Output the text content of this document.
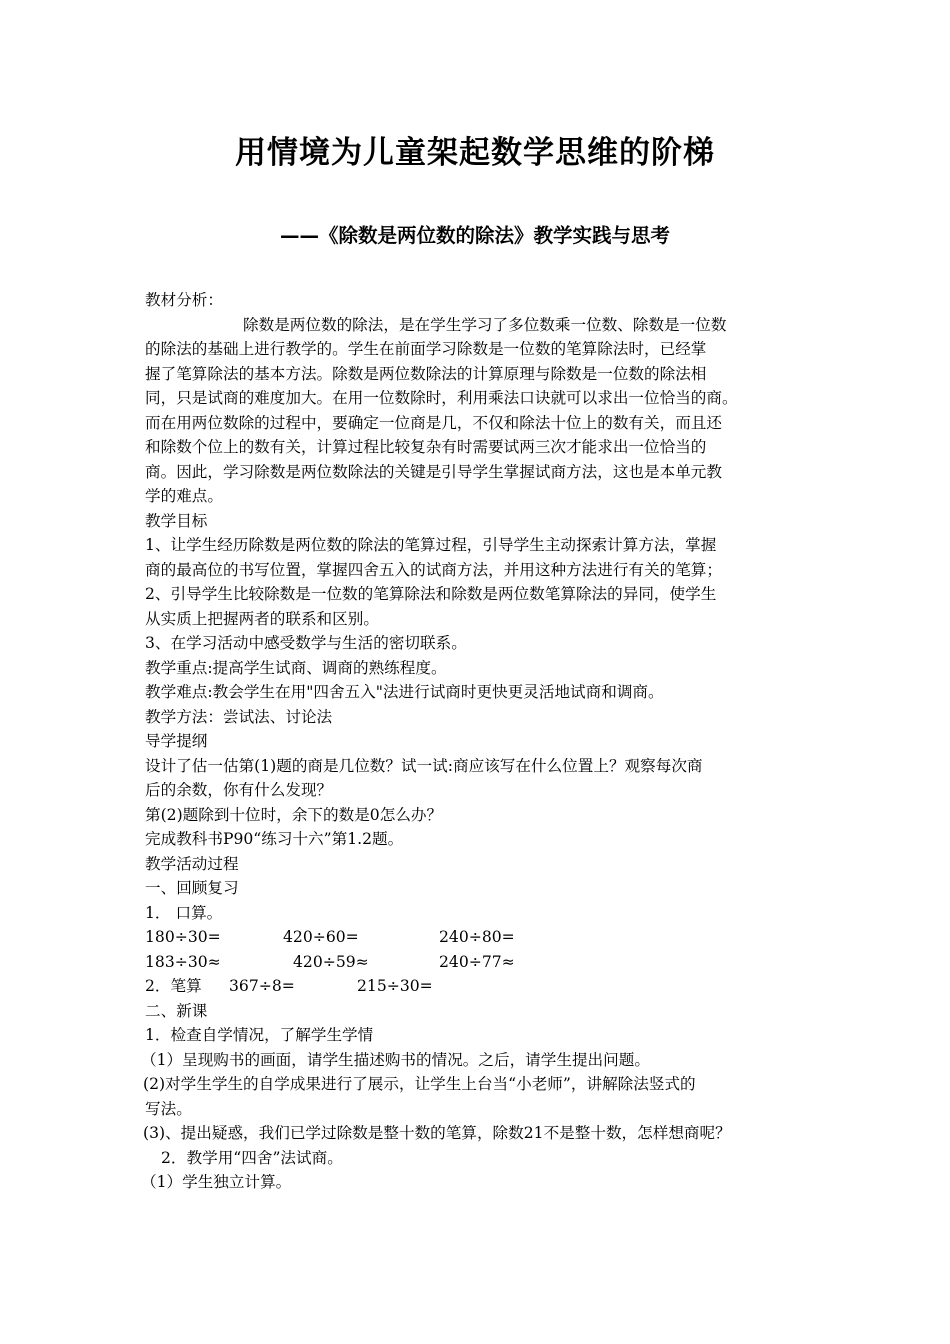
用情境为儿童架起数学思维的阶梯
——《除数是两位数的除法》教学实践与思考
教材分析：
除数是两位数的除法，是在学生学习了多位数乘一位数、除数是一位数
的除法的基础上进行教学的。学生在前面学习除数是一位数的笔算除法时，已经掌
握了笔算除法的基本方法。除数是两位数除法的计算原理与除数是一位数的除法相
同，只是试商的难度加大。在用一位数除时，利用乘法口诀就可以求出一位恰当的商。
而在用两位数除的过程中，要确定一位商是几，不仅和除法十位上的数有关，而且还
和除数个位上的数有关，计算过程比较复杂有时需要试两三次才能求出一位恰当的
商。因此，学习除数是两位数除法的关键是引导学生掌握试商方法，这也是本单元教
学的难点。
教学目标
1、让学生经历除数是两位数的除法的笔算过程，引导学生主动探索计算方法，掌握
商的最高位的书写位置，掌握四舍五入的试商方法，并用这种方法进行有关的笔算；
2、引导学生比较除数是一位数的笔算除法和除数是两位数笔算除法的异同，使学生
从实质上把握两者的联系和区别。
3、在学习活动中感受数学与生活的密切联系。
教学重点:提高学生试商、调商的熟练程度。
教学难点:教会学生在用"四舍五入"法进行试商时更快更灵活地试商和调商。
教学方法：尝试法、讨论法
导学提纲
设计了估一估第(1)题的商是几位数？试一试:商应该写在什么位置上？观察每次商
后的余数，你有什么发现？
第(2)题除到十位时，余下的数是0怎么办？
完成教科书P90“练习十六”第1.2题。
教学活动过程
一、回顾复习
1． 口算。
180÷30=	420÷60=	240÷80=
183÷30≈	420÷59≈	240÷77≈
2．笔算 367÷8=	215÷30=
二、新课
1．检查自学情况，了解学生学情
（1）呈现购书的画面，请学生描述购书的情况。之后，请学生提出问题。
(2)对学生学生的自学成果进行了展示，让学生上台当“小老师”，讲解除法竖式的
写法。
(3)、提出疑惑，我们已学过除数是整十数的笔算，除数21不是整十数，怎样想商呢？
2．教学用“四舍”法试商。
（1）学生独立计算。
